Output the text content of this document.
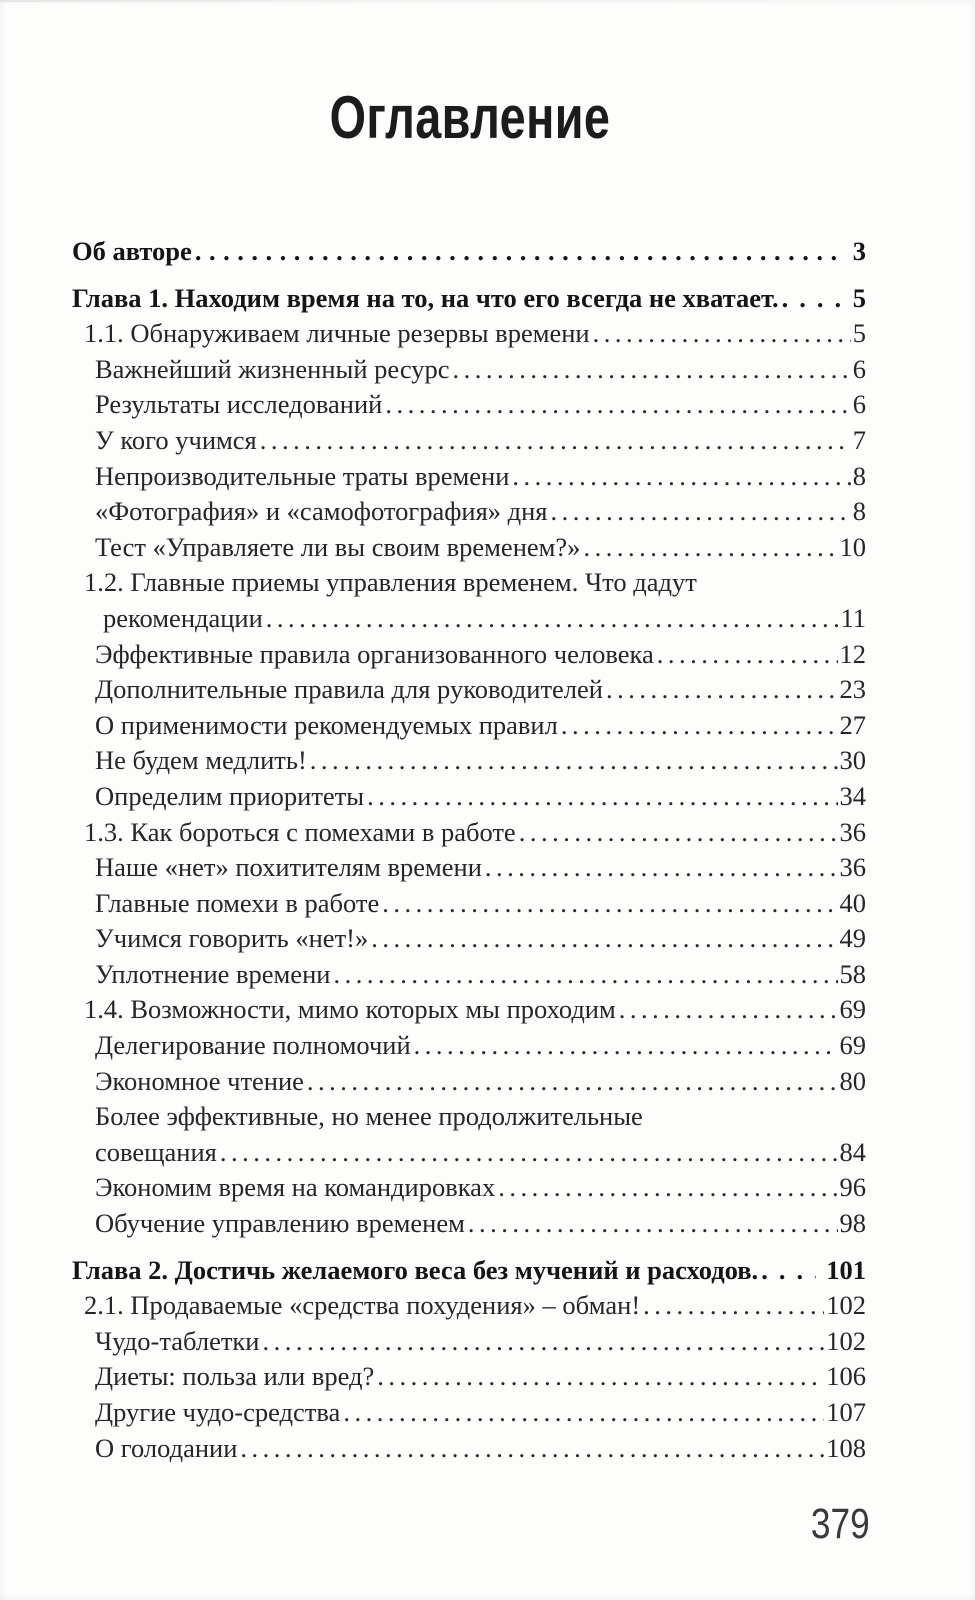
Оглавление
Об авторе .....	3
Глава 1. Находим время на то, на что его всегда не хватает. .....	5
1.1. Обнаруживаем личные резервы времени .....	5
Важнейший жизненный ресурс .....	6
Результаты исследований .....	6
У кого учимся .....	7
Непроизводительные траты времени .....	8
«Фотография» и «самофотография» дня .....	8
Тест «Управляете ли вы своим временем?» .....	10
1.2. Главные приемы управления временем. Что дадут
рекомендации .....	11
Эффективные правила организованного человека .....	12
Дополнительные правила для руководителей .....	23
О применимости рекомендуемых правил .....	27
Не будем медлить! .....	30
Определим приоритеты .....	34
1.3. Как бороться с помехами в работе .....	36
Наше «нет» похитителям времени .....	36
Главные помехи в работе .....	40
Учимся говорить «нет!» .....	49
Уплотнение времени .....	58
1.4. Возможности, мимо которых мы проходим .....	69
Делегирование полномочий .....	69
Экономное чтение .....	80
Более эффективные, но менее продолжительные
совещания .....	84
Экономим время на командировках .....	96
Обучение управлению временем .....	98
Глава 2. Достичь желаемого веса без мучений и расходов. .....	101
2.1. Продаваемые «средства похудения» – обман! .....	102
Чудо-таблетки .....	102
Диеты: польза или вред? .....	106
Другие чудо-средства .....	107
О голодании .....	108
379
